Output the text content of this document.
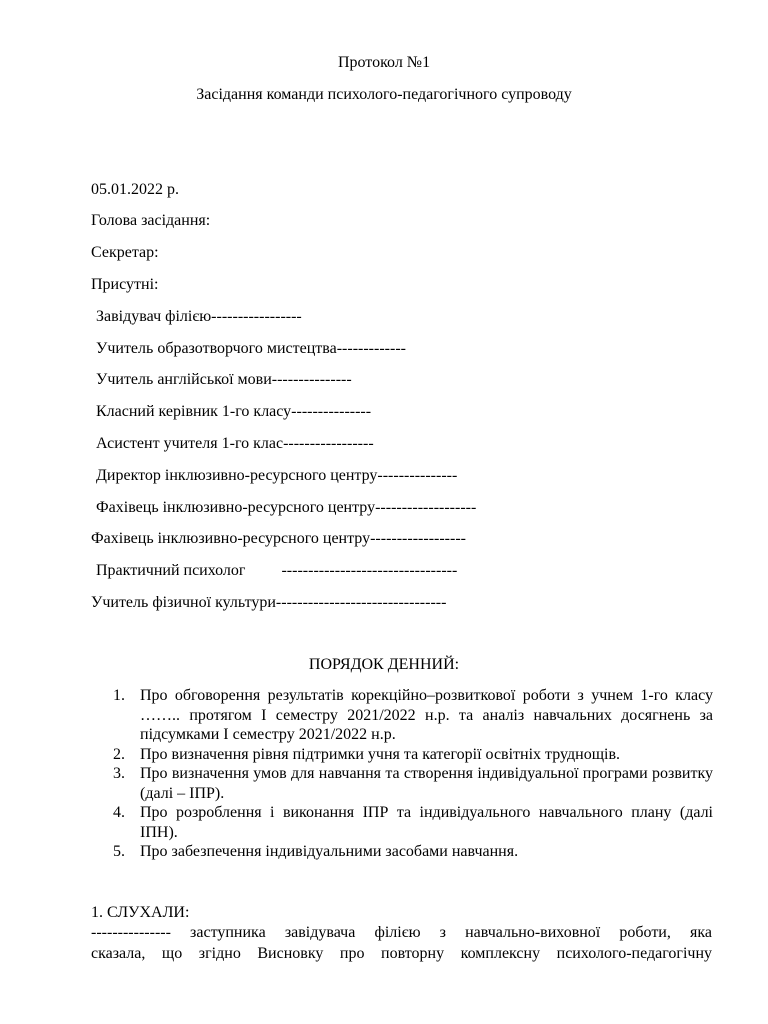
Протокол №1
Засідання команди психолого-педагогічного супроводу
05.01.2022 р.
Голова засідання:
Секретар:
Присутні:
Завідувач філією-----------------
Учитель образотворчого мистецтва-------------
Учитель англійської мови---------------
Класний керівник 1-го класу---------------
Асистент учителя 1-го клас-----------------
Директор інклюзивно-ресурсного центру---------------
Фахівець інклюзивно-ресурсного центру-------------------
Фахівець інклюзивно-ресурсного центру------------------
Практичний психолог ---------------------------------
Учитель фізичної культури--------------------------------
ПОРЯДОК ДЕННИЙ:
1. Про обговорення результатів корекційно–розвиткової роботи з учнем 1-го класу …….. протягом І семестру 2021/2022 н.р. та аналіз навчальних досягнень за підсумками І семестру 2021/2022 н.р.
2. Про визначення рівня підтримки учня та категорії освітніх труднощів.
3. Про визначення умов для навчання та створення індивідуальної програми розвитку (далі – ІПР).
4. Про розроблення і виконання ІПР та індивідуального навчального плану (далі ІПН).
5. Про забезпечення індивідуальними засобами навчання.
1. СЛУХАЛИ:
--------------- заступника завідувача філією з навчально-виховної роботи, яка
сказала, що згідно Висновку про повторну комплексну психолого-педагогічну
